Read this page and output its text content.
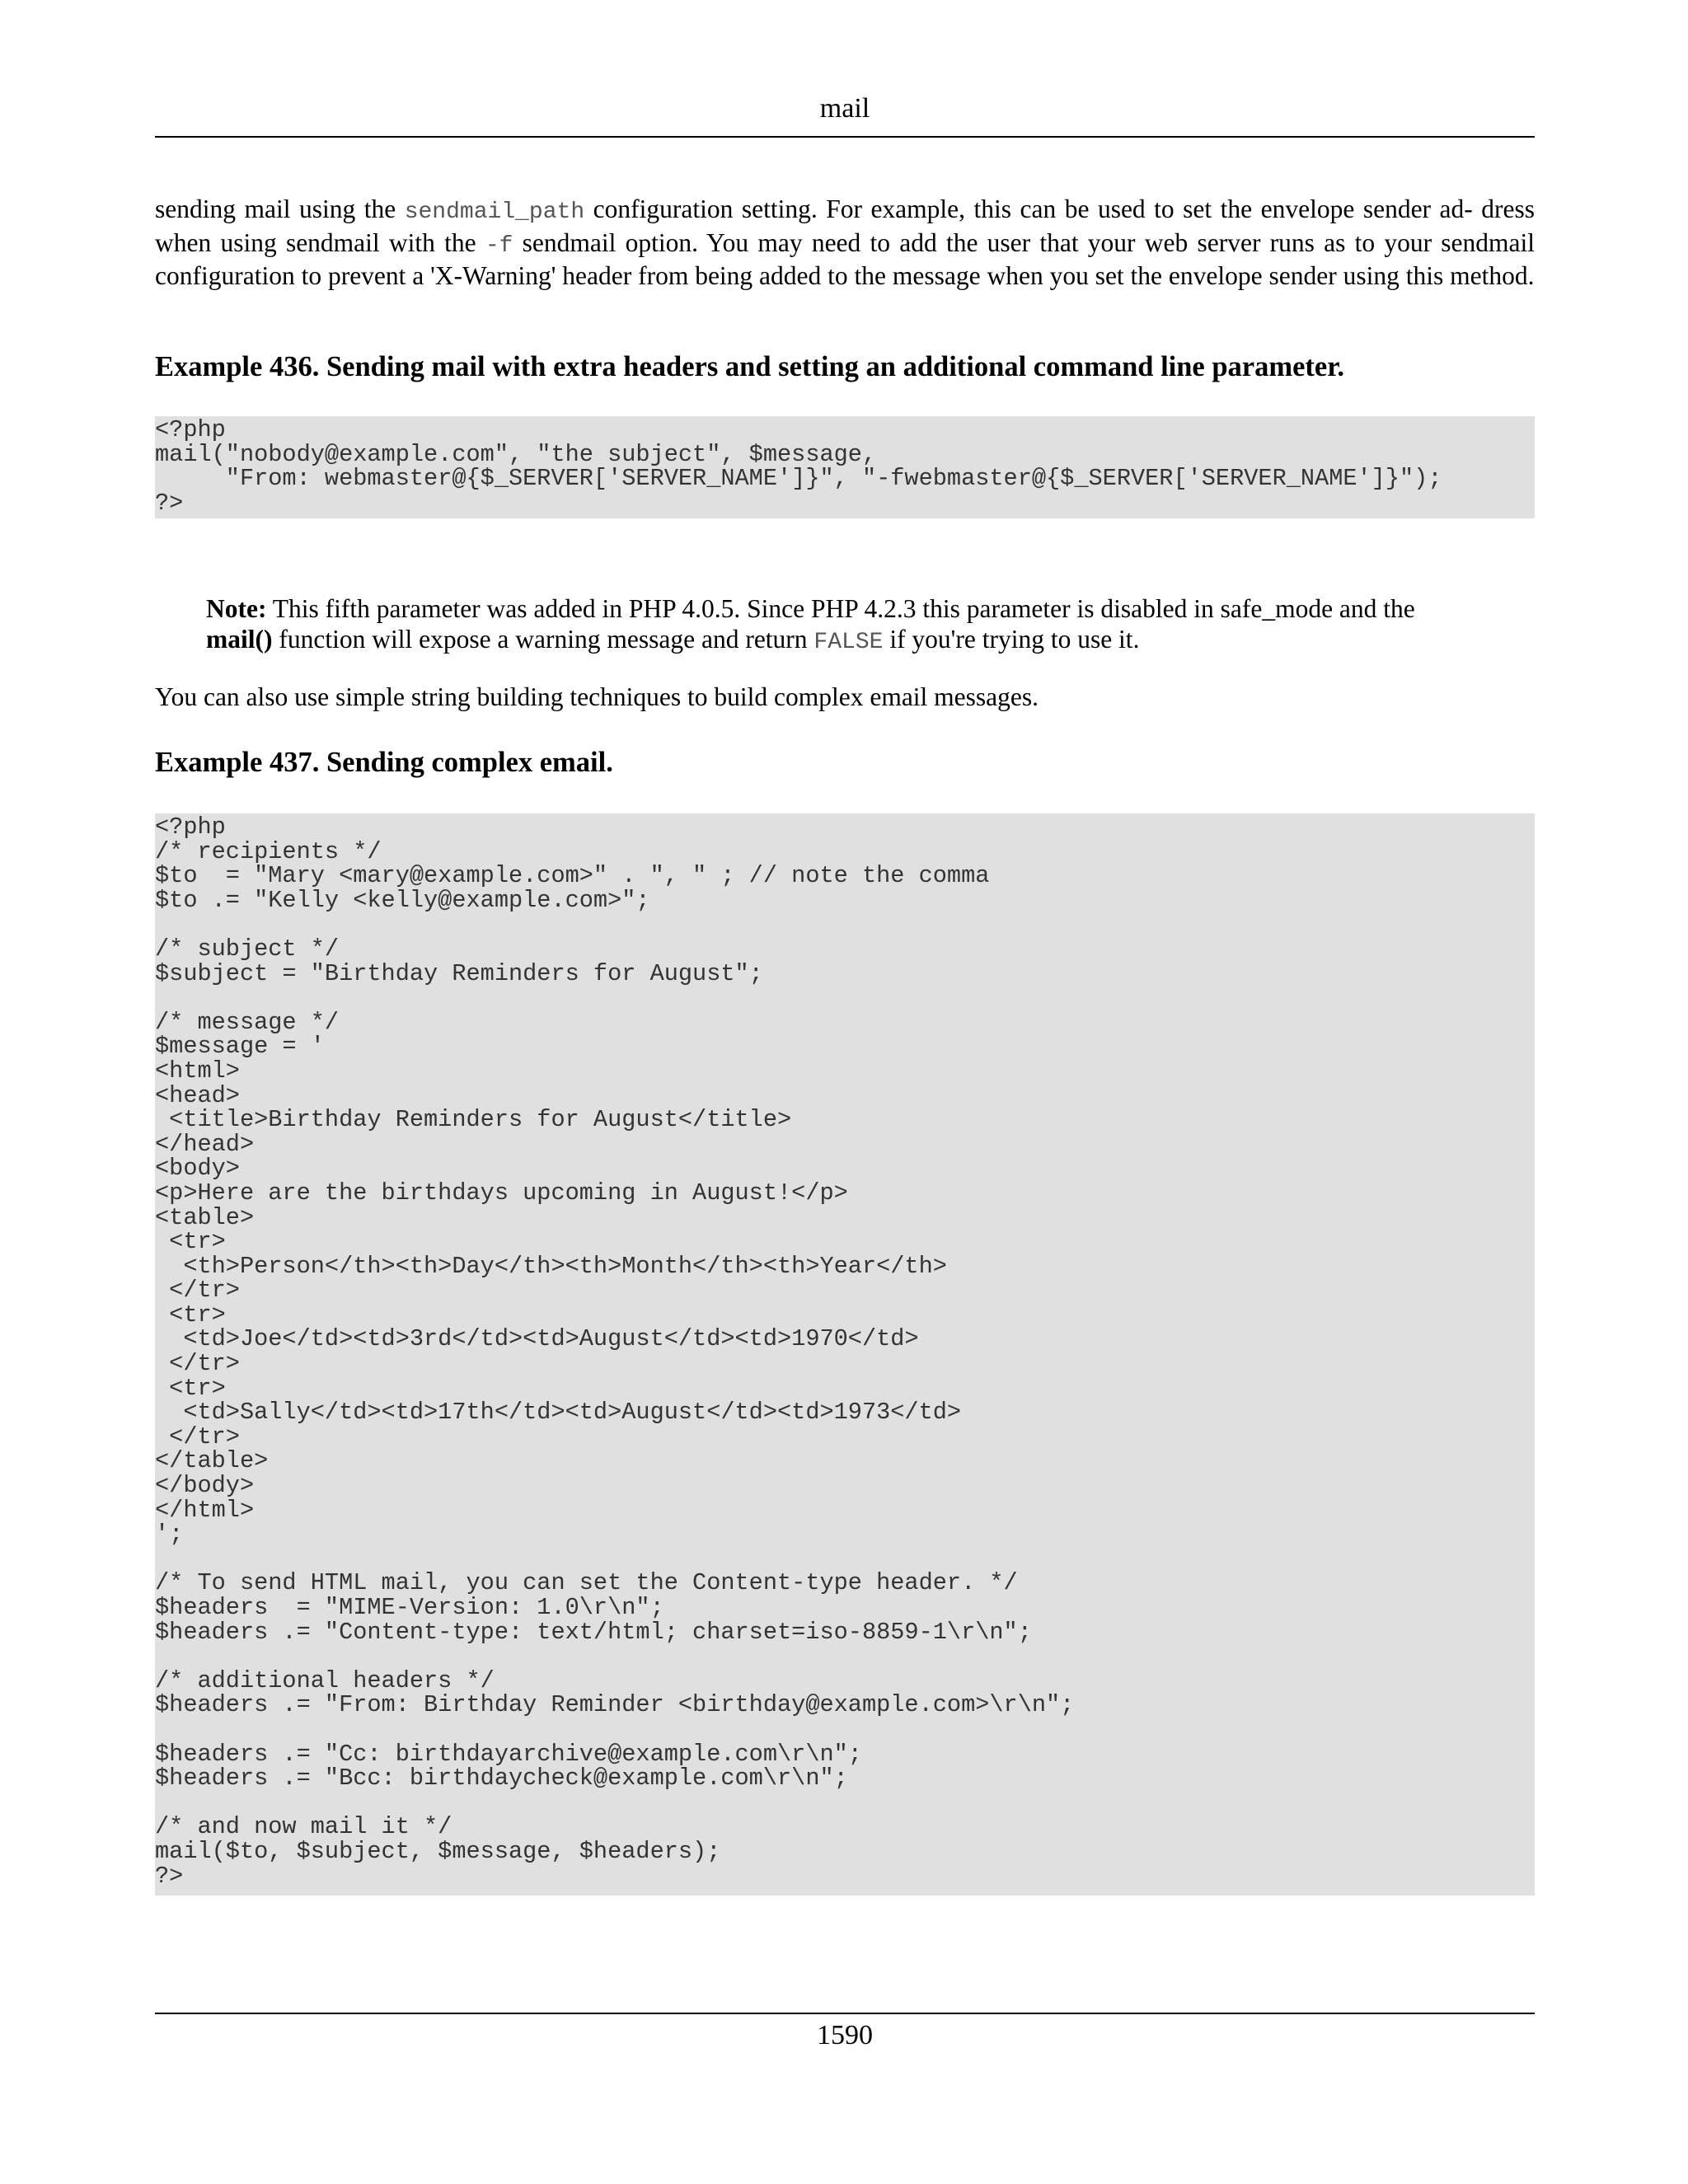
mail

sending mail using the sendmail_path configuration setting. For example, this can be used to set the envelope sender ad- dress when using sendmail with the -f sendmail option. You may need to add the user that your web server runs as to your sendmail configuration to prevent a 'X-Warning' header from being added to the message when you set the envelope sender using this method.

Example 436. Sending mail with extra headers and setting an additional command line parameter.
<?php
mail("nobody@example.com", "the subject", $message,
"From: webmaster@{$_SERVER['SERVER_NAME']}", "-fwebmaster@{$_SERVER['SERVER_NAME']}");
?>

Note: This fifth parameter was added in PHP 4.0.5. Since PHP 4.2.3 this parameter is disabled in safe_mode and the mail() function will expose a warning message and return FALSE if you're trying to use it.

You can also use simple string building techniques to build complex email messages.

Example 437. Sending complex email.
<?php
/* recipients */
$to  = "Mary <mary@example.com>" . ", " ; // note the comma
$to .= "Kelly <kelly@example.com>";

/* subject */
$subject = "Birthday Reminders for August";

/* message */
$message = '
<html>
<head>
<title>Birthday Reminders for August</title>
</head>
<body>
<p>Here are the birthdays upcoming in August!</p>
<table>
<tr>
<th>Person</th><th>Day</th><th>Month</th><th>Year</th>
</tr>
<tr>
<td>Joe</td><td>3rd</td><td>August</td><td>1970</td>
</tr>
<tr>
<td>Sally</td><td>17th</td><td>August</td><td>1973</td>
</tr>
</table>
</body>
</html>
';

/* To send HTML mail, you can set the Content-type header. */
$headers  = "MIME-Version: 1.0\r\n";
$headers .= "Content-type: text/html; charset=iso-8859-1\r\n";

/* additional headers */
$headers .= "From: Birthday Reminder <birthday@example.com>\r\n";

$headers .= "Cc: birthdayarchive@example.com\r\n";
$headers .= "Bcc: birthdaycheck@example.com\r\n";

/* and now mail it */
mail($to, $subject, $message, $headers);
?>
1590
